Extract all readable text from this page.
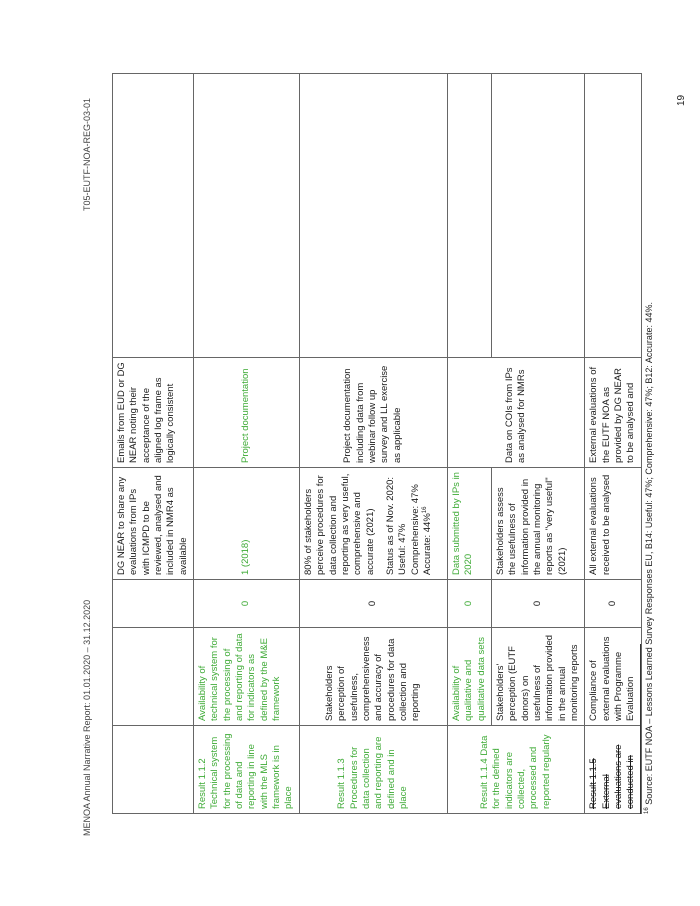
MENOA Annual Narrative Report: 01.01.2020 – 31.12.2020
T05-EUTF-NOA-REG-03-01
			DG NEAR to share any evaluations from IPs with ICMPD to be reviewed, analysed and included in NMR4 as available	Emails from EUD or DG NEAR noting their acceptance of the aligned log frame as logically consistent	
Result 1.1.2 Technical system for the processing of data and reporting in line with the MLS framework is in place	Availability of technical system for the processing of and reporting of data for indicators as defined by the M&E framework	0	1 (2018)	Project documentation	
Result 1.1.3 Procedures for data collection and reporting are defined and in place	Stakeholders perception of usefulness, comprehensiveness and accuracy of procedures for data collection and reporting	0	80% of stakeholders perceive procedures for data collection and reporting as very useful, comprehensive and accurate (2021) Status as of Nov. 2020: Useful: 47% Comprehensive: 47% Accurate: 44%$^{16}$	Project documentation including data from webinar follow up survey and LL exercise as applicable	
Result 1.1.4 Data for the defined indicators are collected, processed and reported regularly	Availability of qualitative and qualitative data sets	0	Data submitted by IPs in 2020	Data on COIs from IPs as analysed for NMRs	
	Stakeholders' perception (EUTF donors) on usefulness of information provided in the annual monitoring reports	0	Stakeholders assess the usefulness of information provided in the annual monitoring reports as "very useful" (2021)		
Result 1.1.5 External evaluations are conducted in	Compliance of external evaluations with Programme Evaluation	0	All external evaluations received to be analysed	External evaluations of the EUTF NOA as provided by DG NEAR to be analysed and	
$^{16}$ Source: EUTF NOA – Lessons Learned Survey Responses EU, B14: Useful: 47%; Comprehensive: 47%; B12: Accurate: 44%.
19
